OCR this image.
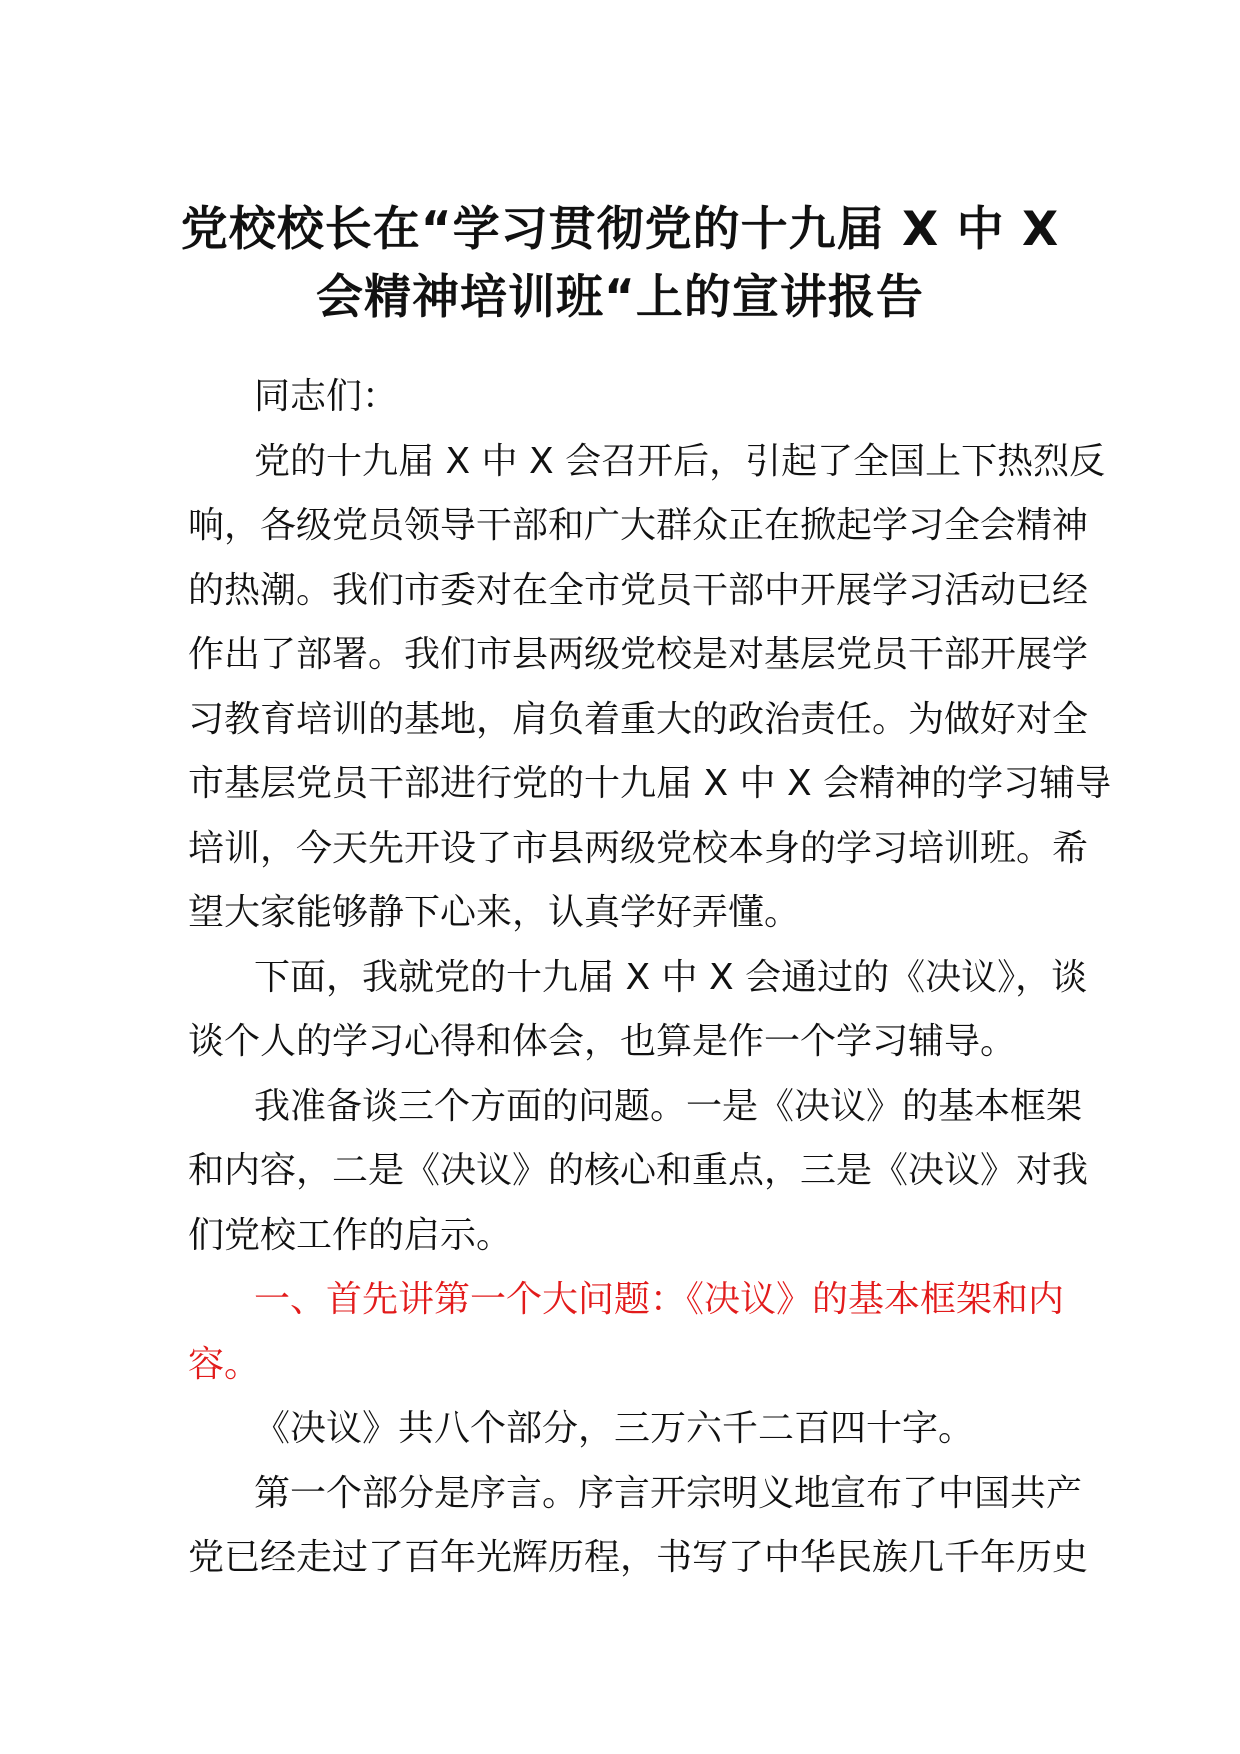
党校校长在“学习贯彻党的十九届 X 中 X
会精神培训班“上的宣讲报告

同志们：

党的十九届 X 中 X 会召开后，引起了全国上下热烈反
响，各级党员领导干部和广大群众正在掀起学习全会精神
的热潮。我们市委对在全市党员干部中开展学习活动已经
作出了部署。我们市县两级党校是对基层党员干部开展学
习教育培训的基地，肩负着重大的政治责任。为做好对全
市基层党员干部进行党的十九届 X 中 X 会精神的学习辅导
培训，今天先开设了市县两级党校本身的学习培训班。希
望大家能够静下心来，认真学好弄懂。

下面，我就党的十九届 X 中 X 会通过的《决议》，谈
谈个人的学习心得和体会，也算是作一个学习辅导。

我准备谈三个方面的问题。一是《决议》的基本框架
和内容，二是《决议》的核心和重点，三是《决议》对我
们党校工作的启示。

一、首先讲第一个大问题：《决议》的基本框架和内
容。

《决议》共八个部分，三万六千二百四十字。

第一个部分是序言。序言开宗明义地宣布了中国共产
党已经走过了百年光辉历程，书写了中华民族几千年历史
